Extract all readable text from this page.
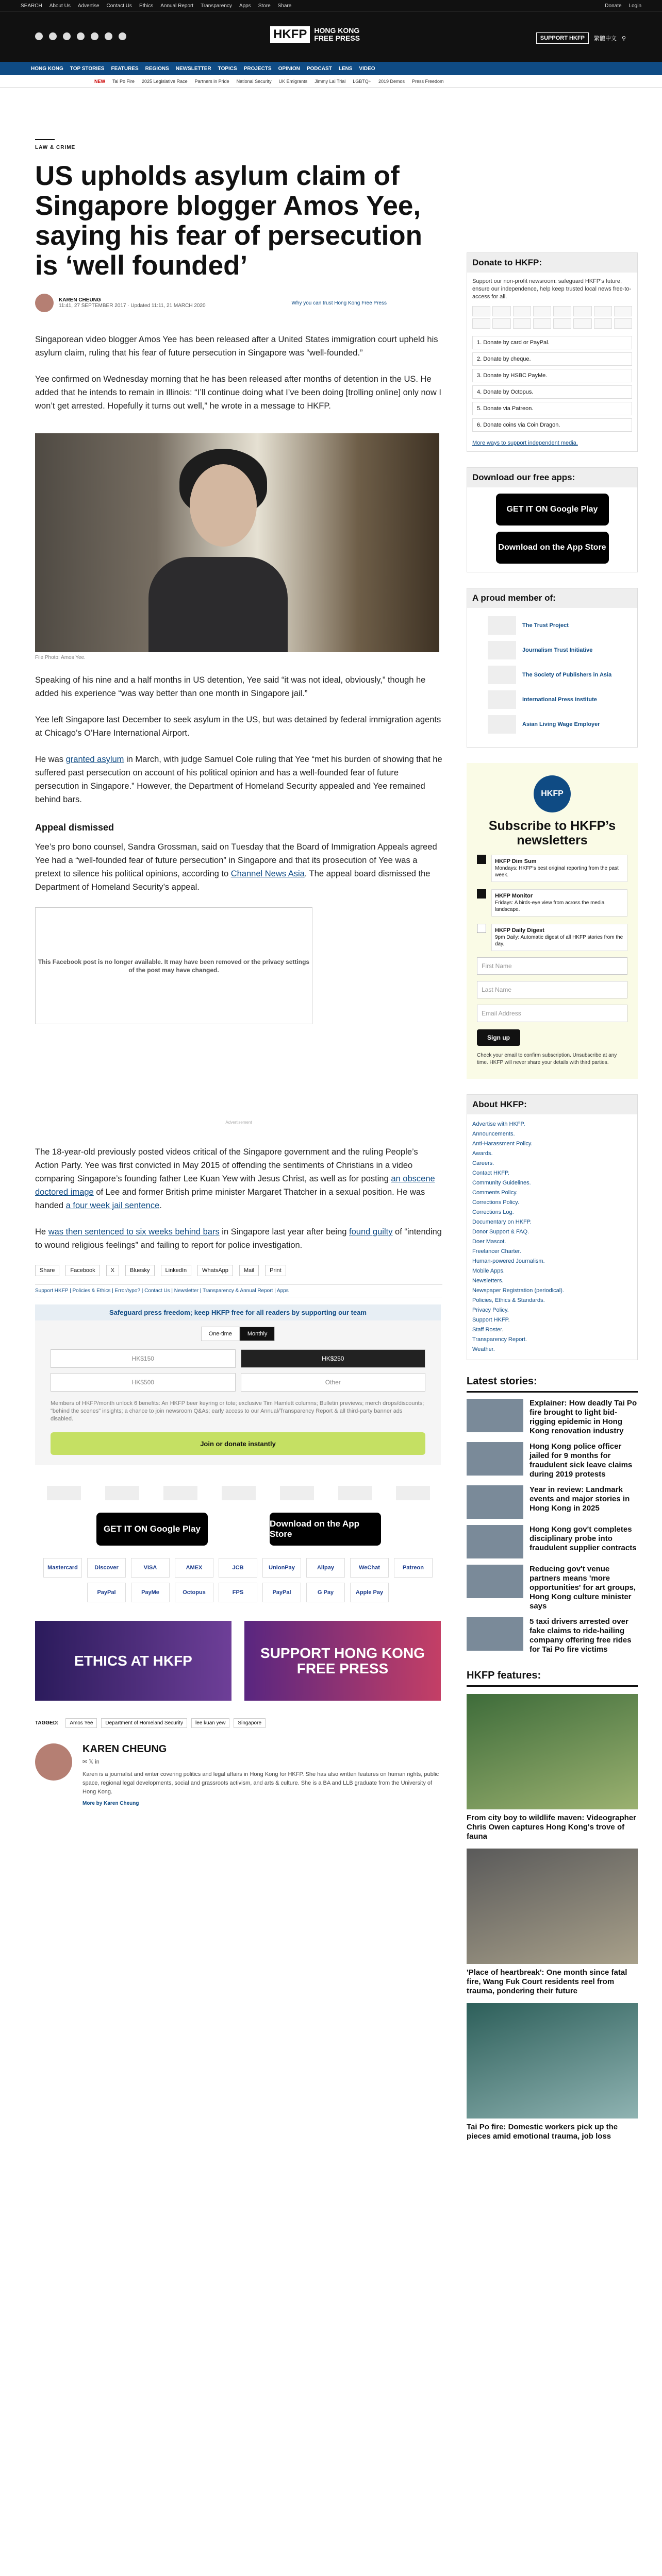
SEARCH About Us Advertise Contact Us Ethics Annual Report Transparency Apps Store Share	Donate Login
HKFP	HONG KONG
FREE PRESS	SUPPORT HKFP	繁體中文 ⚲
HONG KONG TOP STORIES FEATURES REGIONS NEWSLETTER TOPICS PROJECTS OPINION PODCAST LENS VIDEO
NEW Tai Po Fire 2025 Legislative Race Partners in Pride National Security UK Emigrants Jimmy Lai Trial LGBTQ+ 2019 Demos Press Freedom
LAW & CRIME
US upholds asylum claim of Singapore blogger Amos Yee, saying his fear of persecution is ‘well founded’
KAREN CHEUNG
11:41, 27 SEPTEMBER 2017 · Updated 11:11, 21 MARCH 2020	Why you can trust Hong Kong Free Press

Singaporean video blogger Amos Yee has been released after a United States immigration court upheld his asylum claim, ruling that his fear of future persecution in Singapore was “well-founded.”

Yee confirmed on Wednesday morning that he has been released after months of detention in the US. He added that he intends to remain in Illinois: “I’ll continue doing what I’ve been doing [trolling online] only now I won’t get arrested. Hopefully it turns out well,” he wrote in a message to HKFP.

File Photo: Amos Yee.

Speaking of his nine and a half months in US detention, Yee said “it was not ideal, obviously,” though he added his experience “was way better than one month in Singapore jail.”

Yee left Singapore last December to seek asylum in the US, but was detained by federal immigration agents at Chicago’s O’Hare International Airport.

He was granted asylum in March, with judge Samuel Cole ruling that Yee “met his burden of showing that he suffered past persecution on account of his political opinion and has a well-founded fear of future persecution in Singapore.” However, the Department of Homeland Security appealed and Yee remained behind bars.

Appeal dismissed

Yee’s pro bono counsel, Sandra Grossman, said on Tuesday that the Board of Immigration Appeals agreed Yee had a “well-founded fear of future persecution” in Singapore and that its prosecution of Yee was a pretext to silence his political opinions, according to Channel News Asia. The appeal board dismissed the Department of Homeland Security’s appeal.

This Facebook post is no longer available. It may have been removed or the privacy settings of the post may have changed.

Advertisement

The 18-year-old previously posted videos critical of the Singapore government and the ruling People’s Action Party. Yee was first convicted in May 2015 of offending the sentiments of Christians in a video comparing Singapore’s founding father Lee Kuan Yew with Jesus Christ, as well as for posting an obscene doctored image of Lee and former British prime minister Margaret Thatcher in a sexual position. He was handed a four week jail sentence.

He was then sentenced to six weeks behind bars in Singapore last year after being found guilty of “intending to wound religious feelings” and failing to report for police investigation.

Share	Facebook	X	Bluesky	LinkedIn	WhatsApp	Mail	Print
Support HKFP | Policies & Ethics | Error/typo? | Contact Us | Newsletter | Transparency & Annual Report | Apps
Safeguard press freedom; keep HKFP free for all readers by supporting our team
One-time	Monthly
HK$150	HK$250
HK$500	Other
Members of HKFP/month unlock 6 benefits: An HKFP beer keyring or tote; exclusive Tim Hamlett columns; Bulletin previews; merch drops/discounts; "behind the scenes" insights; a chance to join newsroom Q&As; early access to our Annual/Transparency Report & all third-party banner ads disabled.
Join or donate instantly
GET IT ON Google Play
Download on the App Store
Mastercard	Discover	VISA	AMEX	JCB	UnionPay	Alipay	WeChat	Patreon
PayPal	PayMe	Octopus	FPS	PayPal	G Pay	Apple Pay
ETHICS AT HKFP	SUPPORT HONG KONG FREE PRESS
TAGGED:	Amos Yee	Department of Homeland Security	lee kuan yew	Singapore
KAREN CHEUNG
✉ 𝕏 in

Karen is a journalist and writer covering politics and legal affairs in Hong Kong for HKFP. She has also written features on human rights, public space, regional legal developments, social and grassroots activism, and arts & culture. She is a BA and LLB graduate from the University of Hong Kong.

More by Karen Cheung
Donate to HKFP:
Support our non-profit newsroom: safeguard HKFP's future, ensure our independence, help keep trusted local news free-to-access for all.
1. Donate by card or PayPal.
2. Donate by cheque.
3. Donate by HSBC PayMe.
4. Donate by Octopus.
5. Donate via Patreon.
6. Donate coins via Coin Dragon.
More ways to support independent media.
Download our free apps:
GET IT ON Google Play
Download on the App Store
A proud member of:
The Trust Project
Journalism Trust Initiative
The Society of Publishers in Asia
International Press Institute
Asian Living Wage Employer
HKFP
Subscribe to HKFP’s newsletters
HKFP Dim Sum
Mondays: HKFP's best original reporting from the past week.
HKFP Monitor
Fridays: A birds-eye view from across the media landscape.
HKFP Daily Digest
9pm Daily: Automatic digest of all HKFP stories from the day.
First Name
Last Name
Email Address
Sign up
Check your email to confirm subscription. Unsubscribe at any time. HKFP will never share your details with third parties.
About HKFP:
Advertise with HKFP.
Announcements.
Anti-Harassment Policy.
Awards.
Careers.
Contact HKFP.
Community Guidelines.
Comments Policy.
Corrections Policy.
Corrections Log.
Documentary on HKFP.
Donor Support & FAQ.
Doer Mascot.
Freelancer Charter.
Human-powered Journalism.
Mobile Apps.
Newsletters.
Newspaper Registration (periodical).
Policies, Ethics & Standards.
Privacy Policy.
Support HKFP.
Staff Roster.
Transparency Report.
Weather.
Latest stories:
Explainer: How deadly Tai Po fire brought to light bid-rigging epidemic in Hong Kong renovation industry
Hong Kong police officer jailed for 9 months for fraudulent sick leave claims during 2019 protests
Year in review: Landmark events and major stories in Hong Kong in 2025
Hong Kong gov't completes disciplinary probe into fraudulent supplier contracts
Reducing gov't venue partners means 'more opportunities' for art groups, Hong Kong culture minister says
5 taxi drivers arrested over fake claims to ride-hailing company offering free rides for Tai Po fire victims
HKFP features:
From city boy to wildlife maven: Videographer Chris Owen captures Hong Kong's trove of fauna
'Place of heartbreak': One month since fatal fire, Wang Fuk Court residents reel from trauma, pondering their future
Tai Po fire: Domestic workers pick up the pieces amid emotional trauma, job loss
